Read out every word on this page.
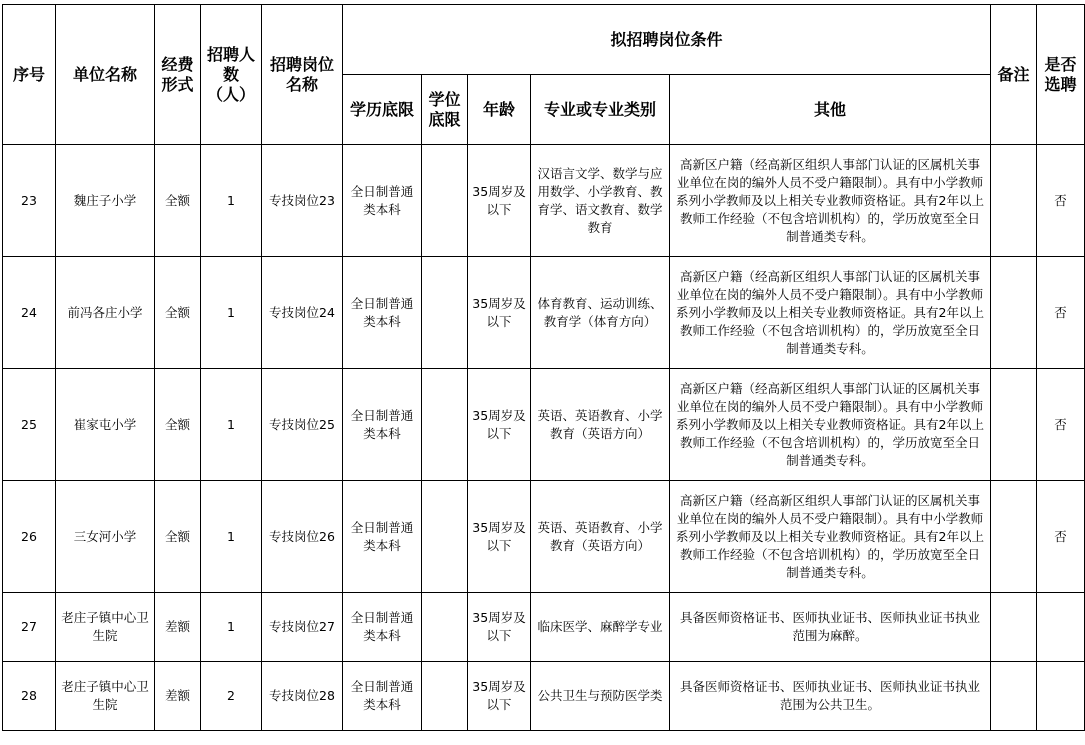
序号	单位名称	经费形式	招聘人数（人）	招聘岗位名称	拟招聘岗位条件					备注	是否选聘
					学历底限	学位底限	年龄	专业或专业类别	其他		
23	魏庄子小学	全额	1	专技岗位23	全日制普通类本科		35周岁及以下	汉语言文学、数学与应用数学、小学教育、教育学、语文教育、数学教育	高新区户籍（经高新区组织人事部门认证的区属机关事业单位在岗的编外人员不受户籍限制）。具有中小学教师系列小学教师及以上相关专业教师资格证。具有2年以上教师工作经验（不包含培训机构）的，学历放宽至全日制普通类专科。		否
24	前冯各庄小学	全额	1	专技岗位24	全日制普通类本科		35周岁及以下	体育教育、运动训练、教育学（体育方向）	高新区户籍（经高新区组织人事部门认证的区属机关事业单位在岗的编外人员不受户籍限制）。具有中小学教师系列小学教师及以上相关专业教师资格证。具有2年以上教师工作经验（不包含培训机构）的，学历放宽至全日制普通类专科。		否
25	崔家屯小学	全额	1	专技岗位25	全日制普通类本科		35周岁及以下	英语、英语教育、小学教育（英语方向）	高新区户籍（经高新区组织人事部门认证的区属机关事业单位在岗的编外人员不受户籍限制）。具有中小学教师系列小学教师及以上相关专业教师资格证。具有2年以上教师工作经验（不包含培训机构）的，学历放宽至全日制普通类专科。		否
26	三女河小学	全额	1	专技岗位26	全日制普通类本科		35周岁及以下	英语、英语教育、小学教育（英语方向）	高新区户籍（经高新区组织人事部门认证的区属机关事业单位在岗的编外人员不受户籍限制）。具有中小学教师系列小学教师及以上相关专业教师资格证。具有2年以上教师工作经验（不包含培训机构）的，学历放宽至全日制普通类专科。		否
27	老庄子镇中心卫生院	差额	1	专技岗位27	全日制普通类本科		35周岁及以下	临床医学、麻醉学专业	具备医师资格证书、医师执业证书、医师执业证书执业范围为麻醉。		
28	老庄子镇中心卫生院	差额	2	专技岗位28	全日制普通类本科		35周岁及以下	公共卫生与预防医学类	具备医师资格证书、医师执业证书、医师执业证书执业范围为公共卫生。		
